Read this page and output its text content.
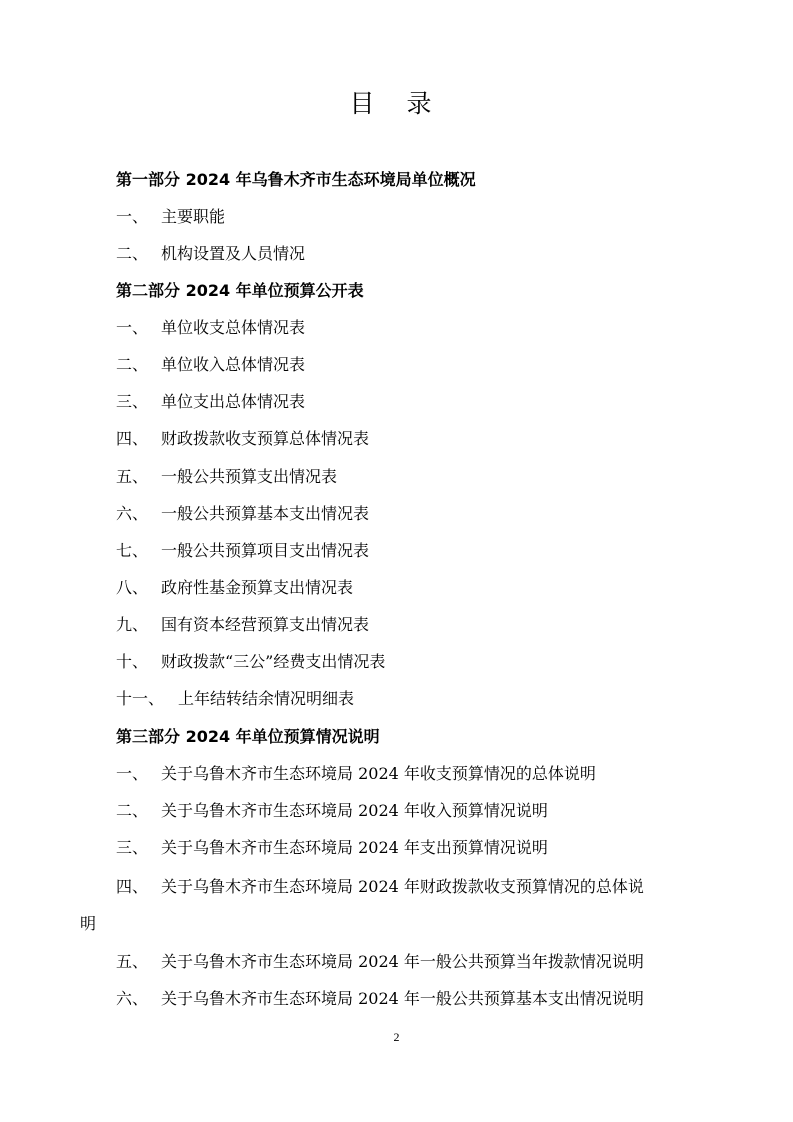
目 录
第一部分 2024 年乌鲁木齐市生态环境局单位概况
一、 主要职能
二、 机构设置及人员情况
第二部分 2024 年单位预算公开表
一、 单位收支总体情况表
二、 单位收入总体情况表
三、 单位支出总体情况表
四、 财政拨款收支预算总体情况表
五、 一般公共预算支出情况表
六、 一般公共预算基本支出情况表
七、 一般公共预算项目支出情况表
八、 政府性基金预算支出情况表
九、 国有资本经营预算支出情况表
十、 财政拨款“三公”经费支出情况表
十一、 上年结转结余情况明细表
第三部分 2024 年单位预算情况说明
一、 关于乌鲁木齐市生态环境局 2024 年收支预算情况的总体说明
二、 关于乌鲁木齐市生态环境局 2024 年收入预算情况说明
三、 关于乌鲁木齐市生态环境局 2024 年支出预算情况说明
四、 关于乌鲁木齐市生态环境局 2024 年财政拨款收支预算情况的总体说
明
五、 关于乌鲁木齐市生态环境局 2024 年一般公共预算当年拨款情况说明
六、 关于乌鲁木齐市生态环境局 2024 年一般公共预算基本支出情况说明
2
